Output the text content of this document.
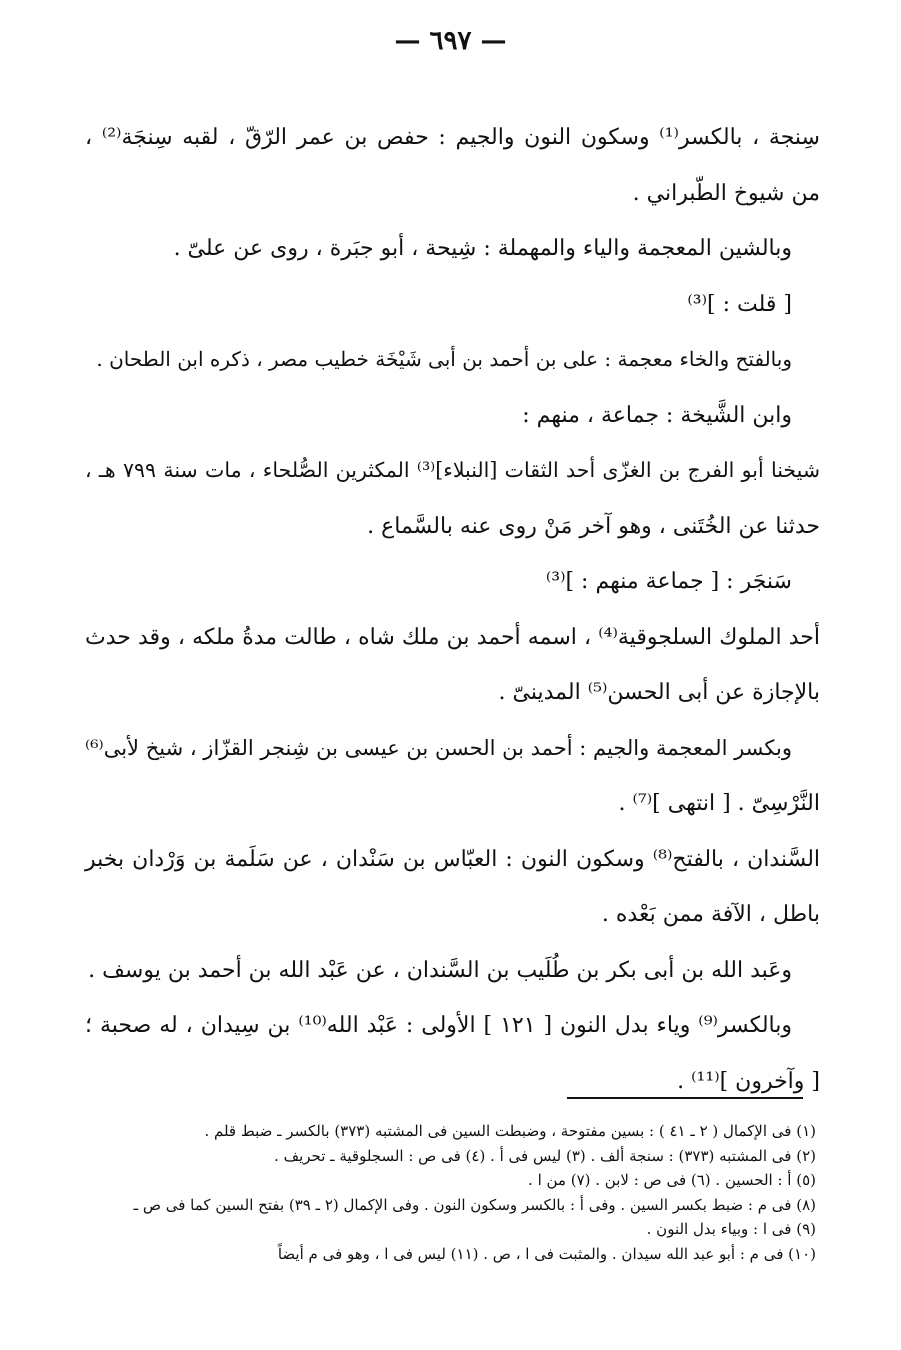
— ٦٩٧ —
سِنجة ، بالكسر⁽¹⁾ وسكون النون والجيم : حفص بن عمر الرّقّ ، لقبه سِنجَة⁽²⁾ ،
من شيوخ الطّبراني .
وبالشين المعجمة والياء والمهملة : شِيحة ، أبو جبَرة ، روى عن علىّ .
[ قلت : ]⁽³⁾
وبالفتح والخاء معجمة : على بن أحمد بن أبى شَيْخَة خطيب مصر ، ذكره ابن الطحان .
وابن الشَّيخة : جماعة ، منهم :
شيخنا أبو الفرج بن الغزّى أحد الثقات [النبلاء]⁽³⁾ المكثرين الصُّلحاء ، مات سنة ٧٩٩ هـ ،
حدثنا عن الخُتَنى ، وهو آخر مَنْ روى عنه بالسَّماع .
سَنجَر : [ جماعة منهم : ]⁽³⁾
أحد الملوك السلجوقية⁽⁴⁾ ، اسمه أحمد بن ملك شاه ، طالت مدةُ ملكه ، وقد حدث
بالإجازة عن أبى الحسن⁽⁵⁾ المدينىّ .
وبكسر المعجمة والجيم : أحمد بن الحسن بن عيسى بن شِنجر القزّاز ، شيخ لأبى⁽⁶⁾
النَّرْسِىّ . [ انتهى ]⁽⁷⁾ .
السَّندان ، بالفتح⁽⁸⁾ وسكون النون : العبّاس بن سَنْدان ، عن سَلَمة بن وَرْدان بخبر
باطل ، الآفة ممن بَعْده .
وعَبد الله بن أبى بكر بن طُلَيب بن السَّندان ، عن عَبْد الله بن أحمد بن يوسف .
وبالكسر⁽⁹⁾ وياء بدل النون [ ١٢١ ] الأولى : عَبْد الله⁽¹⁰⁾ بن سِيدان ، له صحبة ؛
[ وآخرون ]⁽¹¹⁾ .
(١) فى الإكمال ( ٢ ـ ٤١ ) : بسين مفتوحة ، وضبطت السين فى المشتبه (٣٧٣) بالكسر ـ ضبط قلم .
(٢) فى المشتبه (٣٧٣) : سنجة ألف . (٣) ليس فى أ . (٤) فى ص : السجلوقية ـ تحريف .
(٥) أ : الحسين . (٦) فى ص : لابن . (٧) من ا .
(٨) فى م : ضبط بكسر السين . وفى أ : بالكسر وسكون النون . وفى الإكمال (٢ ـ ٣٩) بفتح السين كما فى ص ـ
(٩) فى ا : وبياء بدل النون .
(١٠) فى م : أبو عبد الله سيدان . والمثبت فى ا ، ص . (١١) ليس فى ا ، وهو فى م أيضاً
